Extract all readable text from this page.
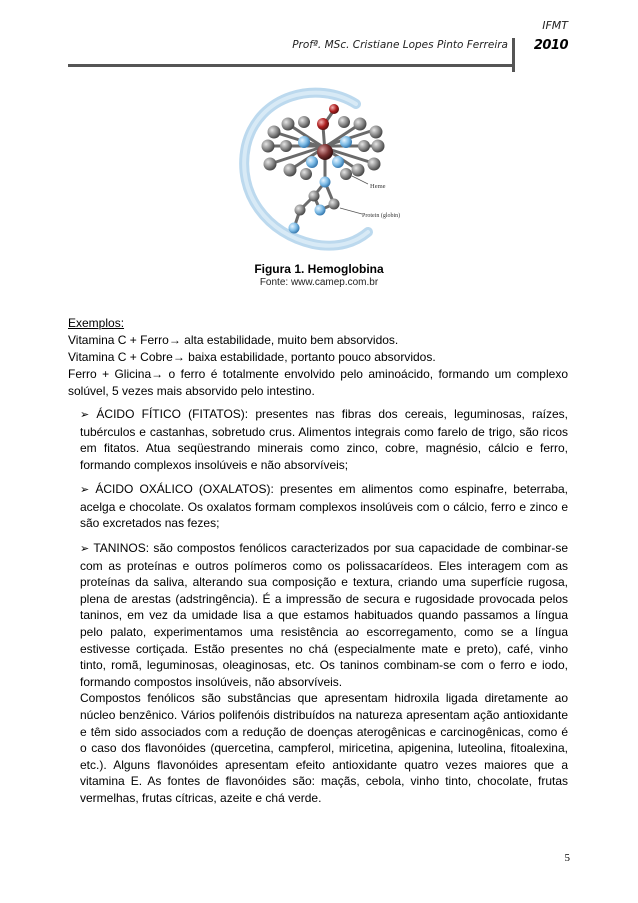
IFMT
Profª. MSc. Cristiane Lopes Pinto Ferreira 2010
Heme
Protein (globin)
Figura 1. Hemoglobina
Fonte: www.camep.com.br

Exemplos:

Vitamina C + Ferro→ alta estabilidade, muito bem absorvidos.

Vitamina C + Cobre→ baixa estabilidade, portanto pouco absorvidos.

Ferro + Glicina→ o ferro é totalmente envolvido pelo aminoácido, formando um complexo solúvel, 5 vezes mais absorvido pelo intestino.

➢ ÁCIDO FÍTICO (FITATOS): presentes nas fibras dos cereais, leguminosas, raízes, tubérculos e castanhas, sobretudo crus. Alimentos integrais como farelo de trigo, são ricos em fitatos. Atua seqüestrando minerais como zinco, cobre, magnésio, cálcio e ferro, formando complexos insolúveis e não absorvíveis;

➢ ÁCIDO OXÁLICO (OXALATOS): presentes em alimentos como espinafre, beterraba, acelga e chocolate. Os oxalatos formam complexos insolúveis com o cálcio, ferro e zinco e são excretados nas fezes;

➢ TANINOS: são compostos fenólicos caracterizados por sua capacidade de combinar-se com as proteínas e outros polímeros como os polissacarídeos. Eles interagem com as proteínas da saliva, alterando sua composição e textura, criando uma superfície rugosa, plena de arestas (adstringência). É a impressão de secura e rugosidade provocada pelos taninos, em vez da umidade lisa a que estamos habituados quando passamos a língua pelo palato, experimentamos uma resistência ao escorregamento, como se a língua estivesse cortiçada. Estão presentes no chá (especialmente mate e preto), café, vinho tinto, romã, leguminosas, oleaginosas, etc. Os taninos combinam-se com o ferro e iodo, formando compostos insolúveis, não absorvíveis.

Compostos fenólicos são substâncias que apresentam hidroxila ligada diretamente ao núcleo benzênico. Vários polifenóis distribuídos na natureza apresentam ação antioxidante e têm sido associados com a redução de doenças aterogênicas e carcinogênicas, como é o caso dos flavonóides (quercetina, campferol, miricetina, apigenina, luteolina, fitoalexina, etc.). Alguns flavonóides apresentam efeito antioxidante quatro vezes maiores que a vitamina E. As fontes de flavonóides são: maçãs, cebola, vinho tinto, chocolate, frutas vermelhas, frutas cítricas, azeite e chá verde.

5
